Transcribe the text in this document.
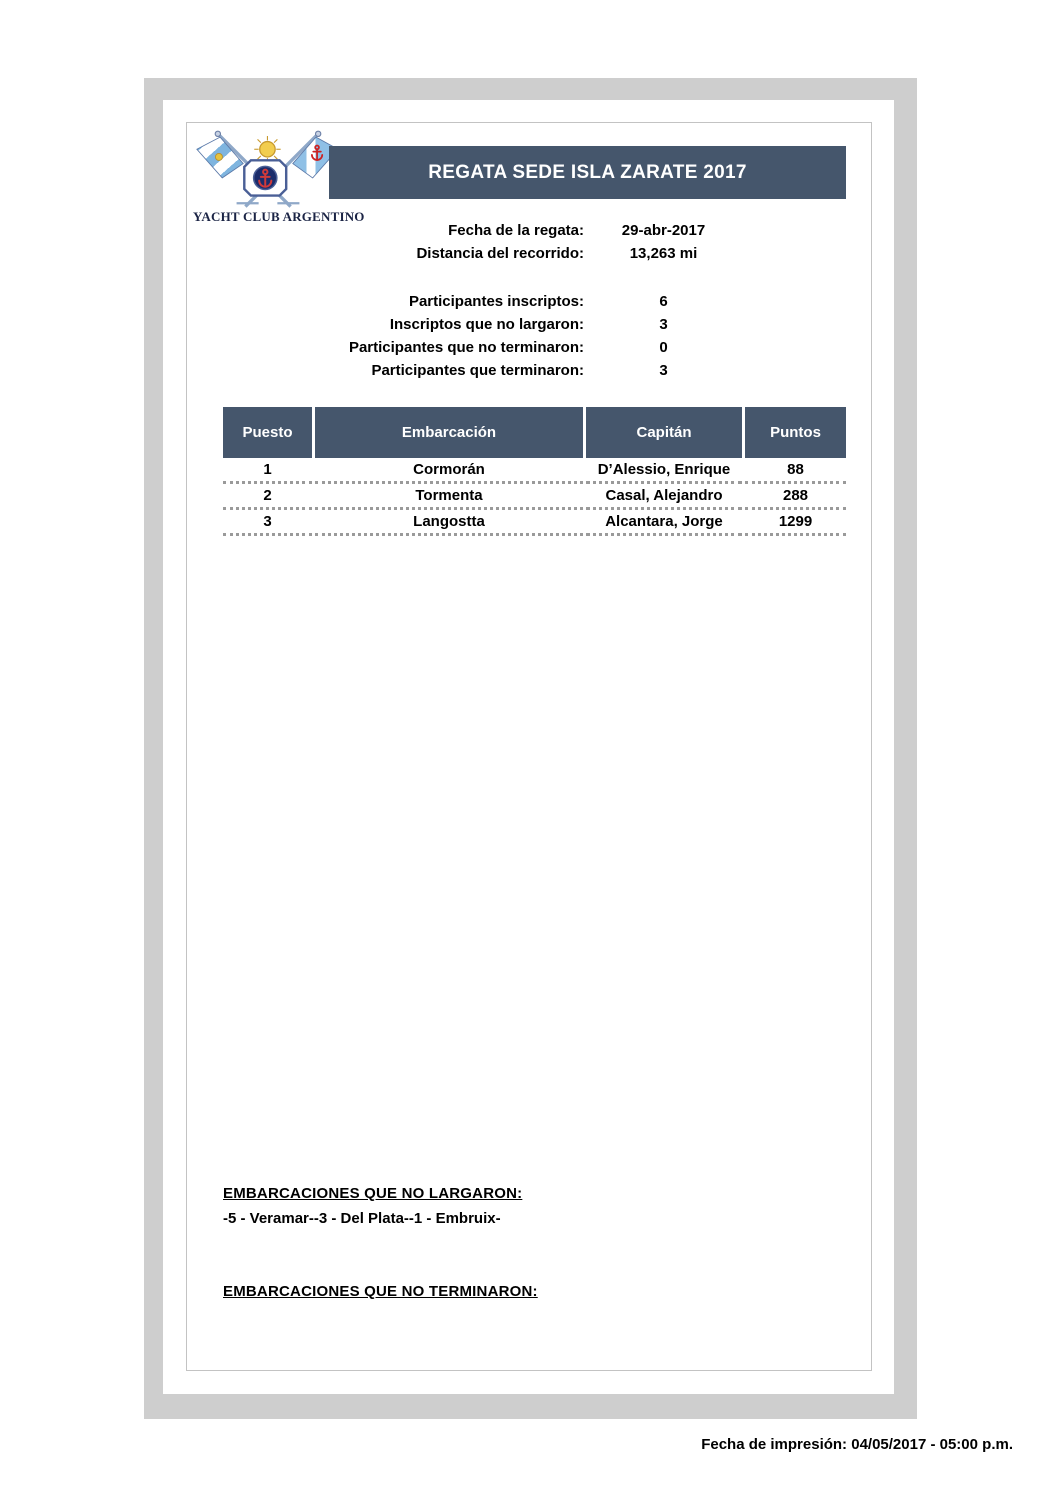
YACHT CLUB ARGENTINO
REGATA SEDE ISLA ZARATE 2017
Fecha de la regata:	29-abr-2017
Distancia del recorrido:	13,263 mi
Participantes inscriptos:	6
Inscriptos que no largaron:	3
Participantes que no terminaron:	0
Participantes que terminaron:	3
Puesto	Embarcación	Capitán	Puntos
1	Cormorán	D’Alessio, Enrique	88
2	Tormenta	Casal, Alejandro	288
3	Langostta	Alcantara, Jorge	1299
EMBARCACIONES QUE NO LARGARON:
-5 - Veramar--3 - Del Plata--1 - Embruix-
EMBARCACIONES QUE NO TERMINARON:
Fecha de impresión: 04/05/2017 - 05:00 p.m.
